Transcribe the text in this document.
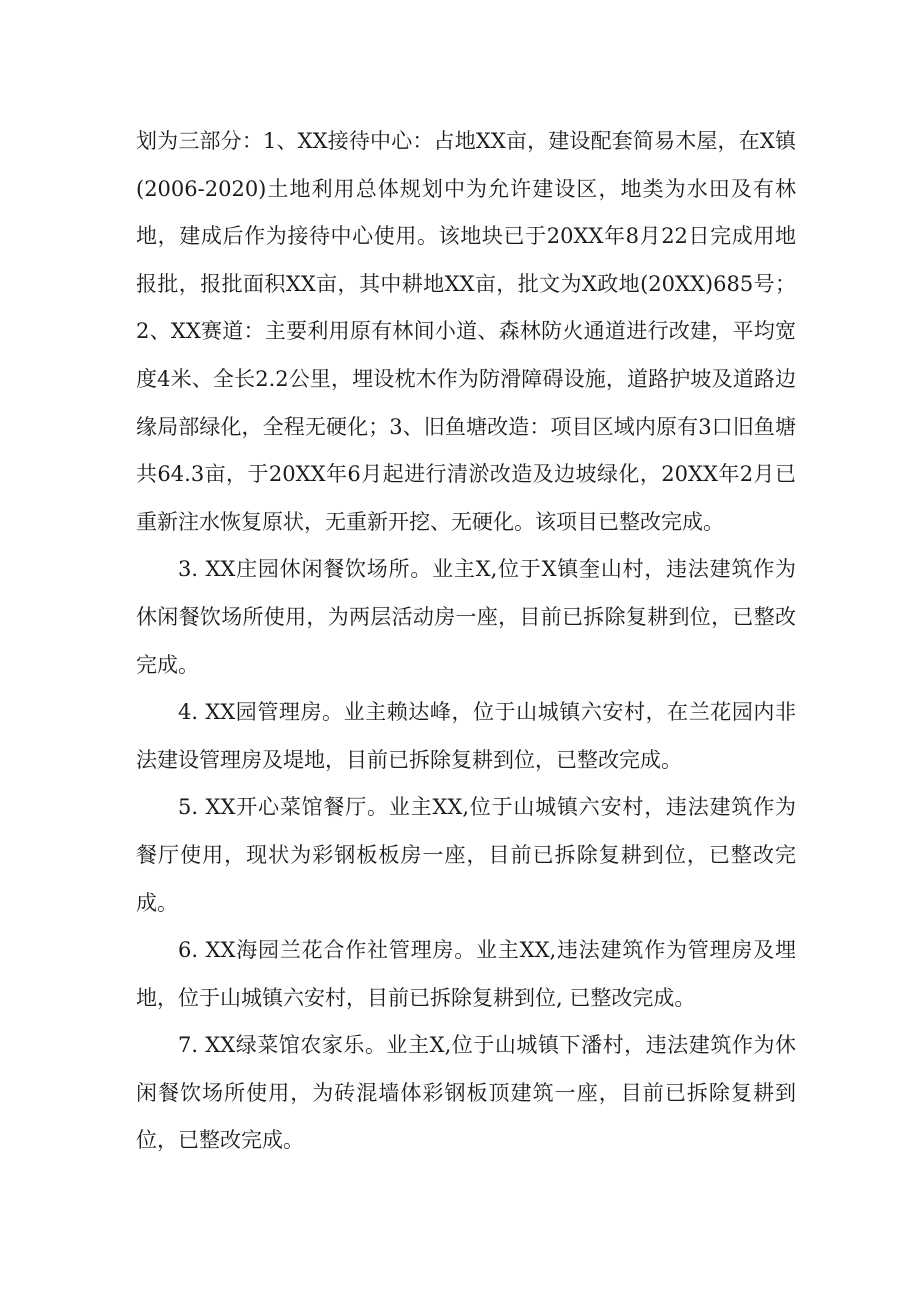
划为三部分：1、XX接待中心：占地XX亩，建设配套简易木屋，在X镇(2006-2020)土地利用总体规划中为允许建设区，地类为水田及有林地，建成后作为接待中心使用。该地块已于20XX年8月22日完成用地报批，报批面积XX亩，其中耕地XX亩，批文为X政地(20XX)685号；2、XX赛道：主要利用原有林间小道、森林防火通道进行改建，平均宽度4米、全长2.2公里，埋设枕木作为防滑障碍设施，道路护坡及道路边缘局部绿化，全程无硬化；3、旧鱼塘改造：项目区域内原有3口旧鱼塘共64.3亩，于20XX年6月起进行清淤改造及边坡绿化，20XX年2月已重新注水恢复原状，无重新开挖、无硬化。该项目已整改完成。

3. XX庄园休闲餐饮场所。业主X,位于X镇奎山村，违法建筑作为休闲餐饮场所使用，为两层活动房一座，目前已拆除复耕到位，已整改完成。

4. XX园管理房。业主赖达峰，位于山城镇六安村，在兰花园内非法建设管理房及堤地，目前已拆除复耕到位，已整改完成。

5. XX开心菜馆餐厅。业主XX,位于山城镇六安村，违法建筑作为餐厅使用，现状为彩钢板板房一座，目前已拆除复耕到位，已整改完成。

6. XX海园兰花合作社管理房。业主XX,违法建筑作为管理房及埋地，位于山城镇六安村，目前已拆除复耕到位, 已整改完成。

7. XX绿菜馆农家乐。业主X,位于山城镇下潘村，违法建筑作为休闲餐饮场所使用，为砖混墙体彩钢板顶建筑一座，目前已拆除复耕到位，已整改完成。
